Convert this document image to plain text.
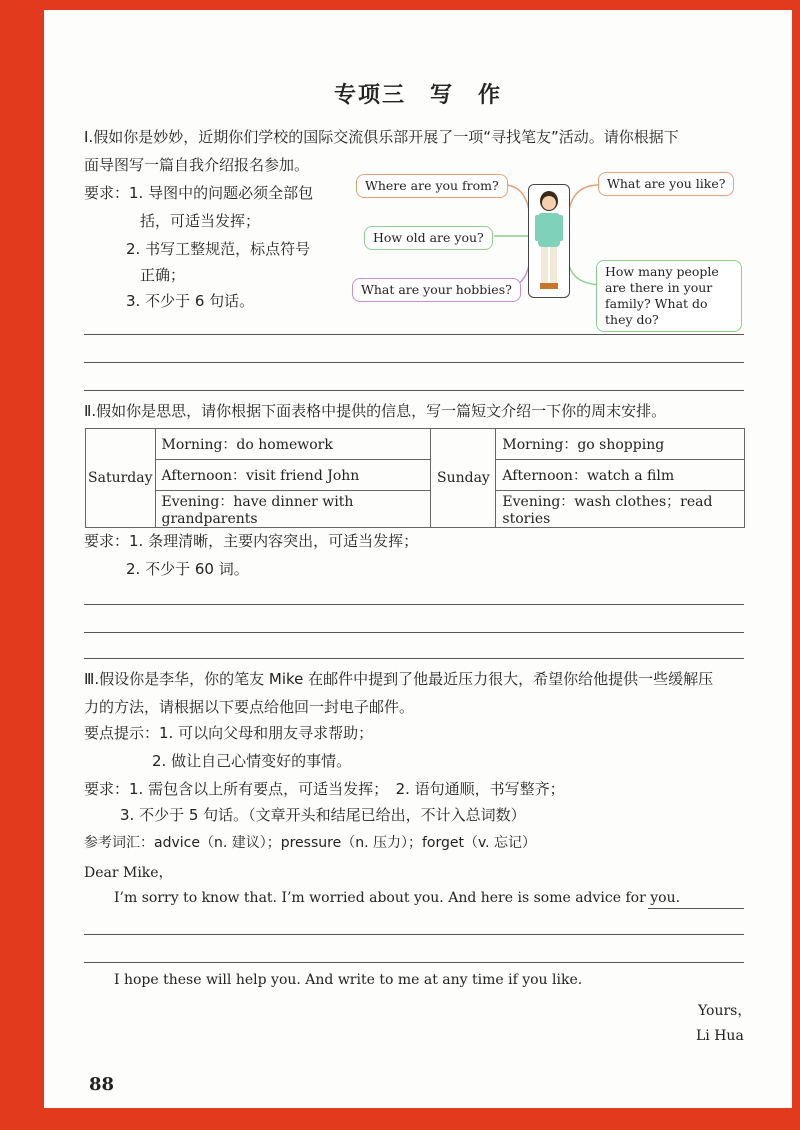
专项三　写　作
Ⅰ.假如你是妙妙，近期你们学校的国际交流俱乐部开展了一项“寻找笔友”活动。请你根据下
面导图写一篇自我介绍报名参加。
要求：1. 导图中的问题必须全部包
括，可适当发挥；
2. 书写工整规范，标点符号
正确；
3. 不少于 6 句话。
Where are you from?
How old are you?
What are your hobbies?
What are you like?
How many people are there in your family? What do they do?
Ⅱ.假如你是思思，请你根据下面表格中提供的信息，写一篇短文介绍一下你的周末安排。
Saturday	Morning：do homework	Sunday	Morning：go shopping
	Afternoon：visit friend John		Afternoon：watch a film
	Evening：have dinner with grandparents		Evening：wash clothes；read stories
要求：1. 条理清晰，主要内容突出，可适当发挥；
2. 不少于 60 词。
Ⅲ.假设你是李华，你的笔友 Mike 在邮件中提到了他最近压力很大，希望你给他提供一些缓解压
力的方法，请根据以下要点给他回一封电子邮件。
要点提示：1. 可以向父母和朋友寻求帮助；
2. 做让自己心情变好的事情。
要求：1. 需包含以上所有要点，可适当发挥；　2. 语句通顺，书写整齐；
3. 不少于 5 句话。（文章开头和结尾已给出，不计入总词数）
参考词汇：advice（n. 建议）；pressure（n. 压力）；forget（v. 忘记）
Dear Mike，
I’m sorry to know that. I’m worried about you. And here is some advice for you.
I hope these will help you. And write to me at any time if you like.
Yours，
Li Hua
88
